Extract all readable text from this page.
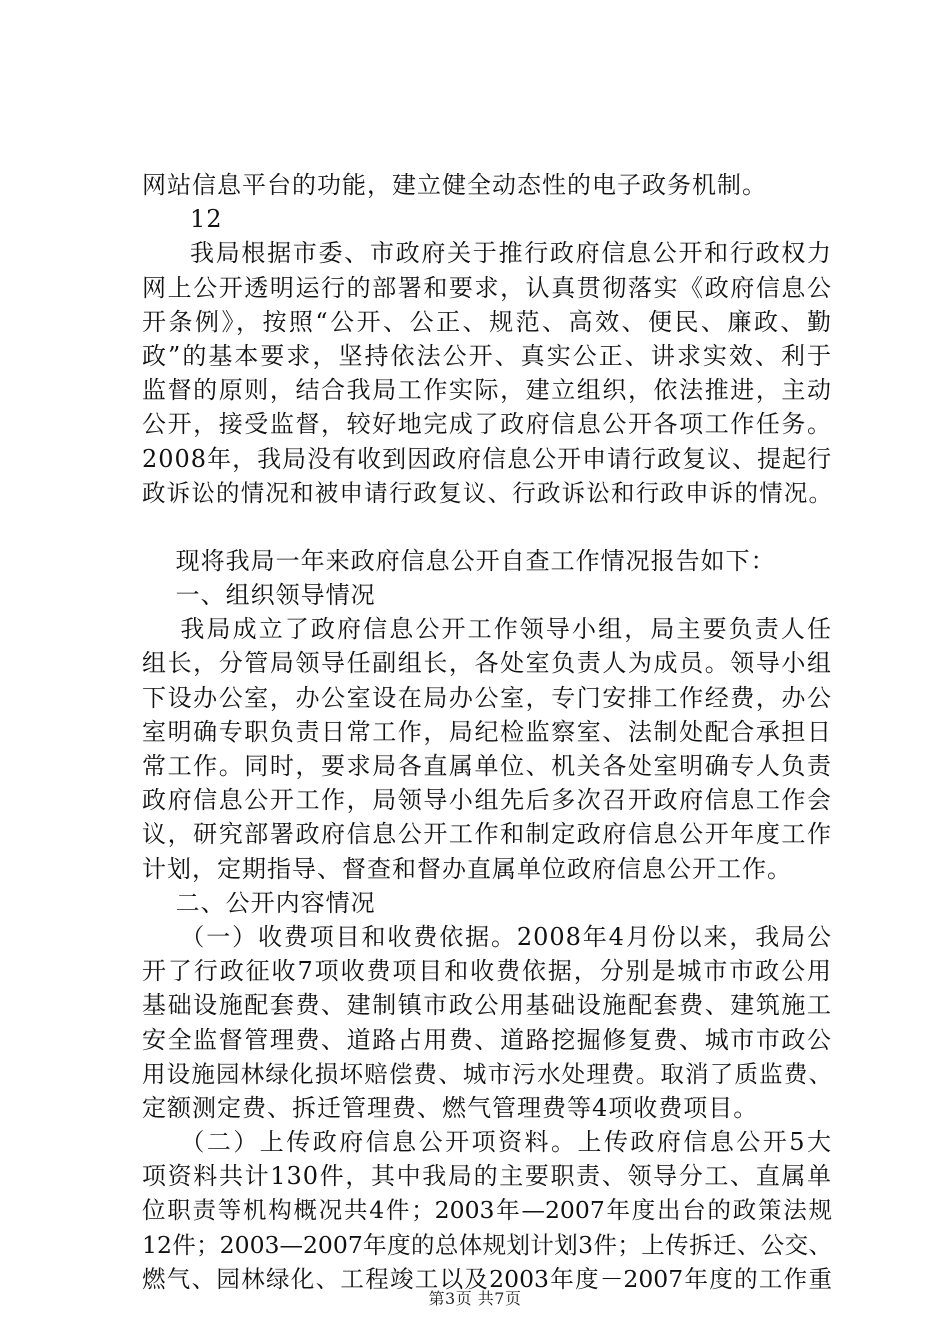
网站信息平台的功能，建立健全动态性的电子政务机制。
12
我局根据市委、市政府关于推行政府信息公开和行政权力
网上公开透明运行的部署和要求，认真贯彻落实《政府信息公
开条例》，按照“公开、公正、规范、高效、便民、廉政、勤
政”的基本要求，坚持依法公开、真实公正、讲求实效、利于
监督的原则，结合我局工作实际，建立组织，依法推进，主动
公开，接受监督，较好地完成了政府信息公开各项工作任务。
2008年，我局没有收到因政府信息公开申请行政复议、提起行
政诉讼的情况和被申请行政复议、行政诉讼和行政申诉的情况。
现将我局一年来政府信息公开自查工作情况报告如下：
一、组织领导情况
我局成立了政府信息公开工作领导小组，局主要负责人任
组长，分管局领导任副组长，各处室负责人为成员。领导小组
下设办公室，办公室设在局办公室，专门安排工作经费，办公
室明确专职负责日常工作，局纪检监察室、法制处配合承担日
常工作。同时，要求局各直属单位、机关各处室明确专人负责
政府信息公开工作，局领导小组先后多次召开政府信息工作会
议，研究部署政府信息公开工作和制定政府信息公开年度工作
计划，定期指导、督查和督办直属单位政府信息公开工作。
二、公开内容情况
（一）收费项目和收费依据。2008年4月份以来，我局公
开了行政征收7项收费项目和收费依据，分别是城市市政公用
基础设施配套费、建制镇市政公用基础设施配套费、建筑施工
安全监督管理费、道路占用费、道路挖掘修复费、城市市政公
用设施园林绿化损坏赔偿费、城市污水处理费。取消了质监费、
定额测定费、拆迁管理费、燃气管理费等4项收费项目。
（二）上传政府信息公开项资料。上传政府信息公开5大
项资料共计130件，其中我局的主要职责、领导分工、直属单
位职责等机构概况共4件；2003年—2007年度出台的政策法规
12件；2003—2007年度的总体规划计划3件；上传拆迁、公交、
燃气、园林绿化、工程竣工以及2003年度－2007年度的工作重
第3页 共7页
